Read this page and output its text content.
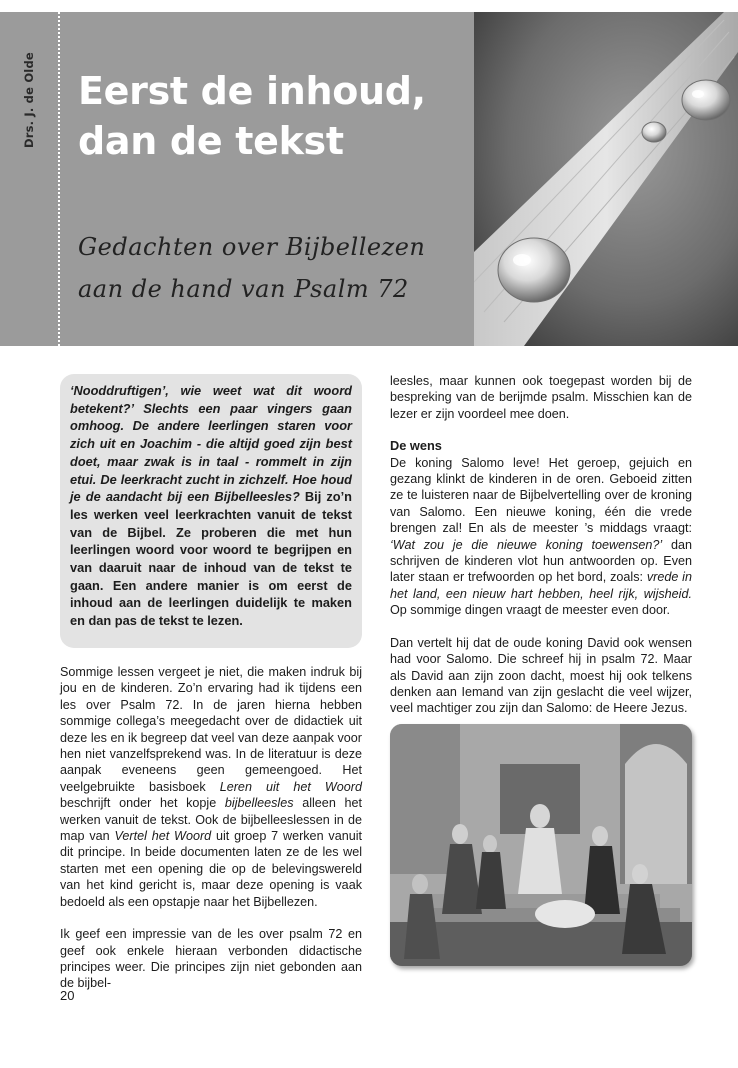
Drs. J. de Olde Eerst de inhoud,
dan de tekst
Gedachten over Bijbellezen
aan de hand van Psalm 72
‘Nooddruftigen’, wie weet wat dit woord betekent?’ Slechts een paar vingers gaan omhoog. De andere leerlingen staren voor zich uit en Joachim - die altijd goed zijn best doet, maar zwak is in taal - rommelt in zijn etui. De leerkracht zucht in zichzelf. Hoe houd je de aandacht bij een Bijbelleesles? Bij zo’n les werken veel leerkrachten vanuit de tekst van de Bijbel. Ze proberen die met hun leerlingen woord voor woord te begrijpen en van daaruit naar de inhoud van de tekst te gaan. Een andere manier is om eerst de inhoud aan de leerlingen duidelijk te maken en dan pas de tekst te lezen.

Sommige lessen vergeet je niet, die maken indruk bij jou en de kinderen. Zo’n ervaring had ik tijdens een les over Psalm 72. In de jaren hierna hebben sommige collega’s meegedacht over de didactiek uit deze les en ik begreep dat veel van deze aanpak voor hen niet vanzelfsprekend was. In de literatuur is deze aanpak eveneens geen gemeengoed. Het veelgebruikte basisboek Leren uit het Woord beschrijft onder het kopje bijbelleesles alleen het werken vanuit de tekst. Ook de bijbelleeslessen in de map van Vertel het Woord uit groep 7 werken vanuit dit principe. In beide documenten laten ze de les wel starten met een opening die op de belevingswereld van het kind gericht is, maar deze opening is vaak bedoeld als een opstapje naar het Bijbellezen.

Ik geef een impressie van de les over psalm 72 en geef ook enkele hieraan verbonden didactische principes weer. Die principes zijn niet gebonden aan de bijbel-

leesles, maar kunnen ook toegepast worden bij de bespreking van de berijmde psalm. Misschien kan de lezer er zijn voordeel mee doen.

De wens

De koning Salomo leve! Het geroep, gejuich en gezang klinkt de kinderen in de oren. Geboeid zitten ze te luisteren naar de Bijbelvertelling over de kroning van Salomo. Een nieuwe koning, één die vrede brengen zal! En als de meester ’s middags vraagt: ‘Wat zou je die nieuwe koning toewensen?’ dan schrijven de kinderen vlot hun antwoorden op. Even later staan er trefwoorden op het bord, zoals: vrede in het land, een nieuw hart hebben, heel rijk, wijsheid. Op sommige dingen vraagt de meester even door.

Dan vertelt hij dat de oude koning David ook wensen had voor Salomo. Die schreef hij in psalm 72. Maar als David aan zijn zoon dacht, moest hij ook telkens denken aan Iemand van zijn geslacht die veel wijzer, veel machtiger zou zijn dan Salomo: de Heere Jezus.

20
